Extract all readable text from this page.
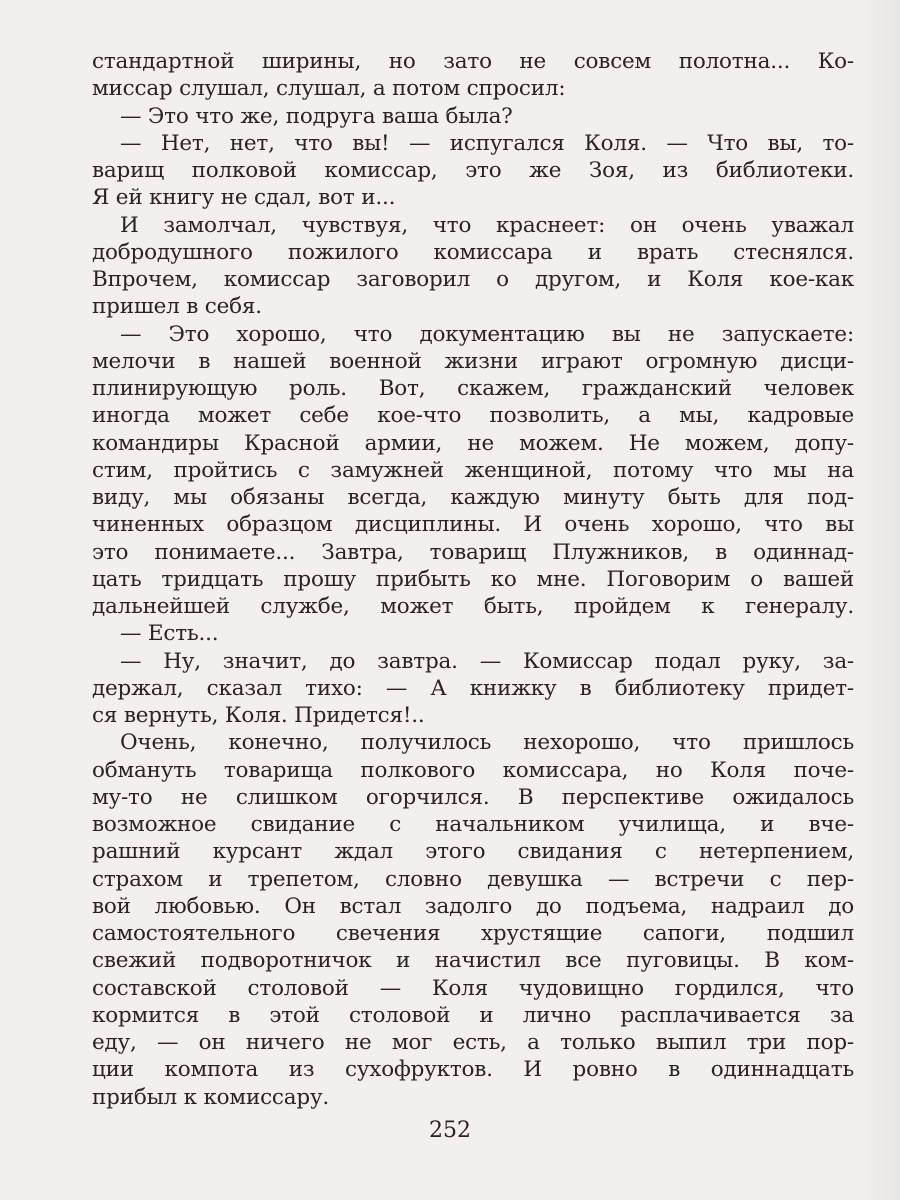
стандартной ширины, но зато не совсем полотна... Ко-
миссар слушал, слушал, а потом спросил:
— Это что же, подруга ваша была?
— Нет, нет, что вы! — испугался Коля. — Что вы, то-
варищ полковой комиссар, это же Зоя, из библиотеки.
Я ей книгу не сдал, вот и...
И замолчал, чувствуя, что краснеет: он очень уважал
добродушного пожилого комиссара и врать стеснялся.
Впрочем, комиссар заговорил о другом, и Коля кое-как
пришел в себя.
— Это хорошо, что документацию вы не запускаете:
мелочи в нашей военной жизни играют огромную дисци-
плинирующую роль. Вот, скажем, гражданский человек
иногда может себе кое-что позволить, а мы, кадровые
командиры Красной армии, не можем. Не можем, допу-
стим, пройтись с замужней женщиной, потому что мы на
виду, мы обязаны всегда, каждую минуту быть для под-
чиненных образцом дисциплины. И очень хорошо, что вы
это понимаете... Завтра, товарищ Плужников, в одиннад-
цать тридцать прошу прибыть ко мне. Поговорим о вашей
дальнейшей службе, может быть, пройдем к генералу.
— Есть...
— Ну, значит, до завтра. — Комиссар подал руку, за-
держал, сказал тихо: — А книжку в библиотеку придет-
ся вернуть, Коля. Придется!..
Очень, конечно, получилось нехорошо, что пришлось
обмануть товарища полкового комиссара, но Коля поче-
му-то не слишком огорчился. В перспективе ожидалось
возможное свидание с начальником училища, и вче-
рашний курсант ждал этого свидания с нетерпением,
страхом и трепетом, словно девушка — встречи с пер-
вой любовью. Он встал задолго до подъема, надраил до
самостоятельного свечения хрустящие сапоги, подшил
свежий подворотничок и начистил все пуговицы. В ком-
составской столовой — Коля чудовищно гордился, что
кормится в этой столовой и лично расплачивается за
еду, — он ничего не мог есть, а только выпил три пор-
ции компота из сухофруктов. И ровно в одиннадцать
прибыл к комиссару.
252
